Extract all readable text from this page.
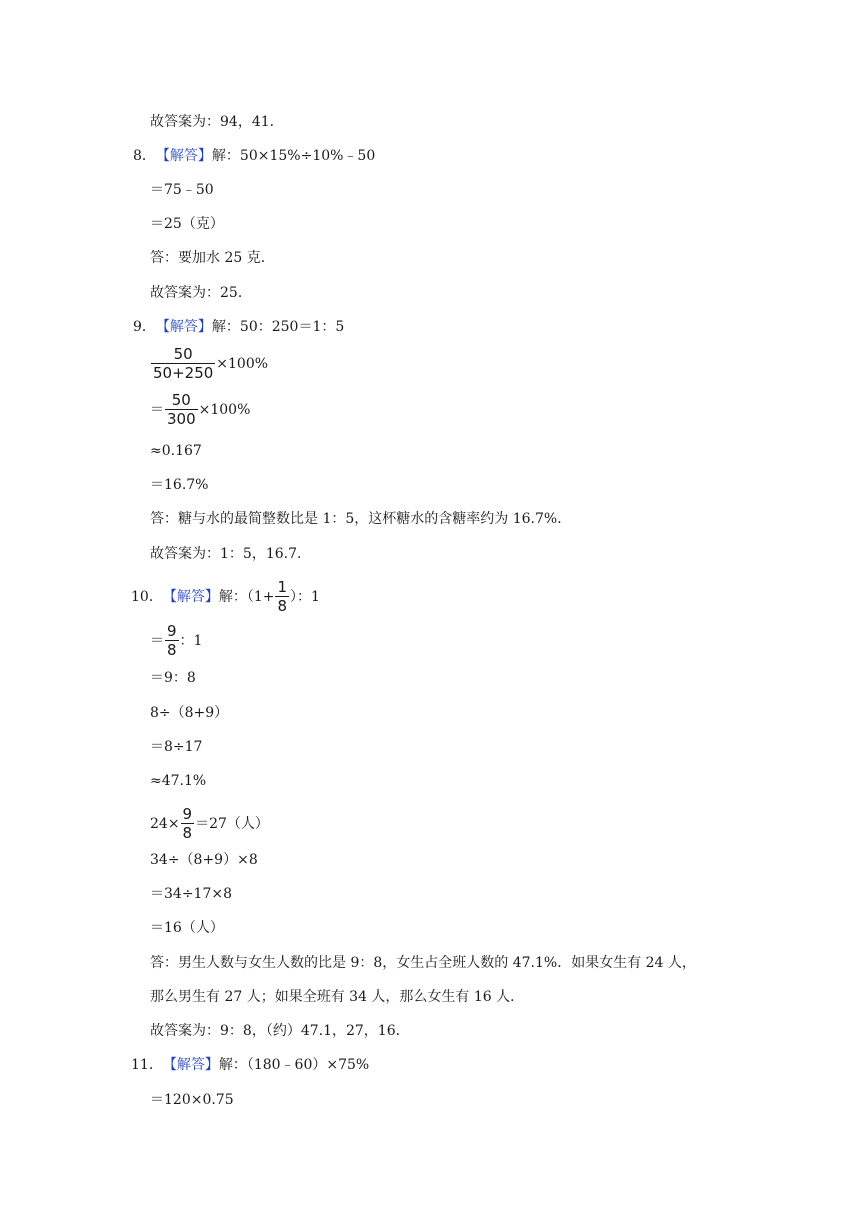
故答案为：94，41．
8． 【解答】 解：50×15%÷10%﹣50
＝75﹣50
＝25（克）
答：要加水 25 克．
故答案为：25．
9． 【解答】 解：50：250＝1：5
$\frac{50}{50+250} \times 100\%$
＝ $\frac{50}{300} \times 100\%$
≈0.167
＝16.7%
答：糖与水的最简整数比是 1：5，这杯糖水的含糖率约为 16.7%．
故答案为：1：5，16.7．
10． 【解答】 解：（$1+ \frac{1}{8}$ ）：1
＝ $\frac{9}{8}$ ：1
＝9：8
8÷（8+9）
＝8÷17
≈47.1%
$24\times \frac{9}{8} =27$（人）
34÷（8+9）×8
＝34÷17×8
＝16（人）
答：男生人数与女生人数的比是 9：8，女生占全班人数的 47.1%．如果女生有 24 人，
那么男生有 27 人；如果全班有 34 人，那么女生有 16 人．
故答案为：9：8，（约）47.1，27，16．
11． 【解答】 解：（180﹣60）×75%
＝120×0.75
